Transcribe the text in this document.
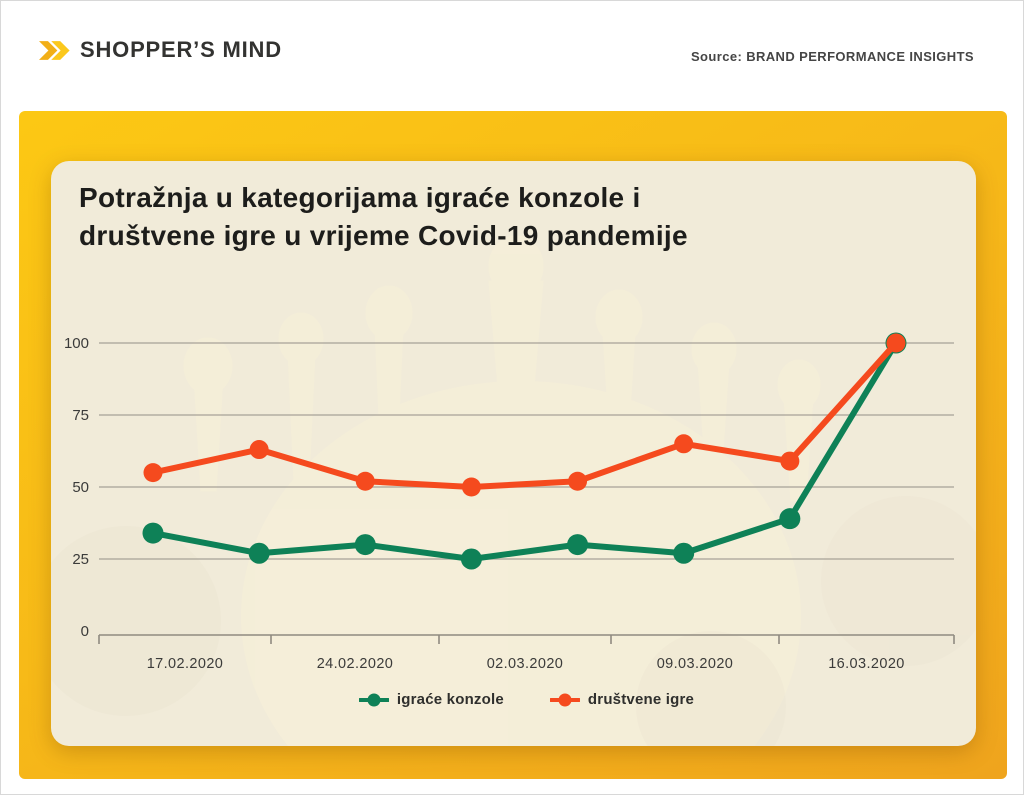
SHOPPER’S MIND	Source: BRAND PERFORMANCE INSIGHTS
Potražnja u kategorijama igraće konzole i
društvene igre u vrijeme Covid-19 pandemije
0
25
50
75
100
17.02.2020	24.02.2020	02.03.2020	09.03.2020	16.03.2020
igraće konzole	društvene igre
